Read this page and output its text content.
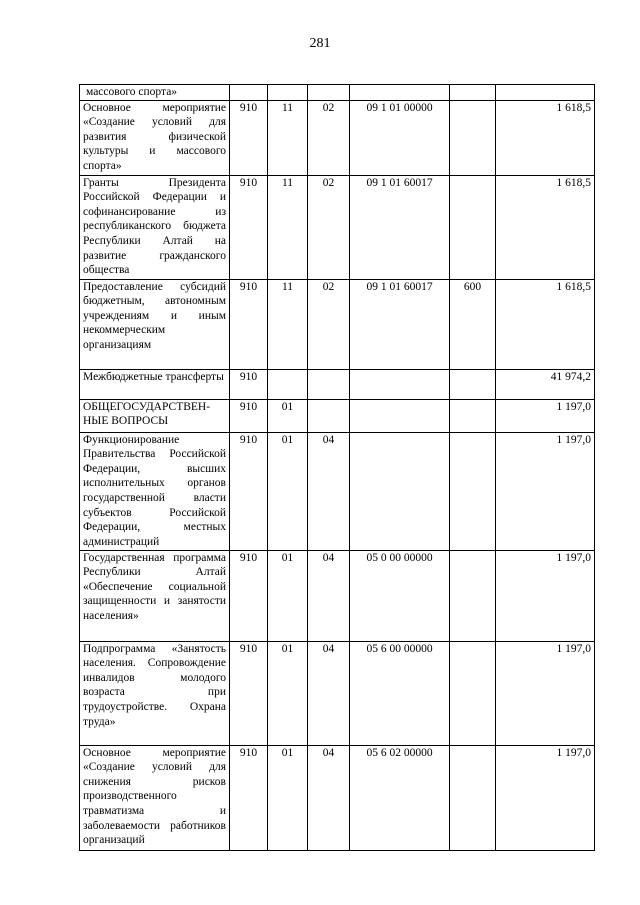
281
массового спорта»						
Основное мероприятие «Создание условий для развития физической культуры и массового спорта»	910	11	02	09 1 01 00000		1 618,5
Гранты Президента Российской Федерации и софинансирование из республиканского бюджета Республики Алтай на развитие гражданского общества	910	11	02	09 1 01 60017		1 618,5
Предоставление субсидий бюджетным, автономным учреждениям и иным некоммерческим организациям	910	11	02	09 1 01 60017	600	1 618,5
Межбюджетные трансферты	910					41 974,2
ОБЩЕГОСУДАРСТВЕН-НЫЕ ВОПРОСЫ	910	01				1 197,0
Функционирование Правительства Российской Федерации, высших исполнительных органов государственной власти субъектов Российской Федерации, местных администраций	910	01	04			1 197,0
Государственная программа Республики Алтай «Обеспечение социальной защищенности и занятости населения»	910	01	04	05 0 00 00000		1 197,0
Подпрограмма «Занятость населения. Сопровождение инвалидов молодого возраста при трудоустройстве. Охрана труда»	910	01	04	05 6 00 00000		1 197,0
Основное мероприятие «Создание условий для снижения рисков производственного травматизма и заболеваемости работников организаций	910	01	04	05 6 02 00000		1 197,0
